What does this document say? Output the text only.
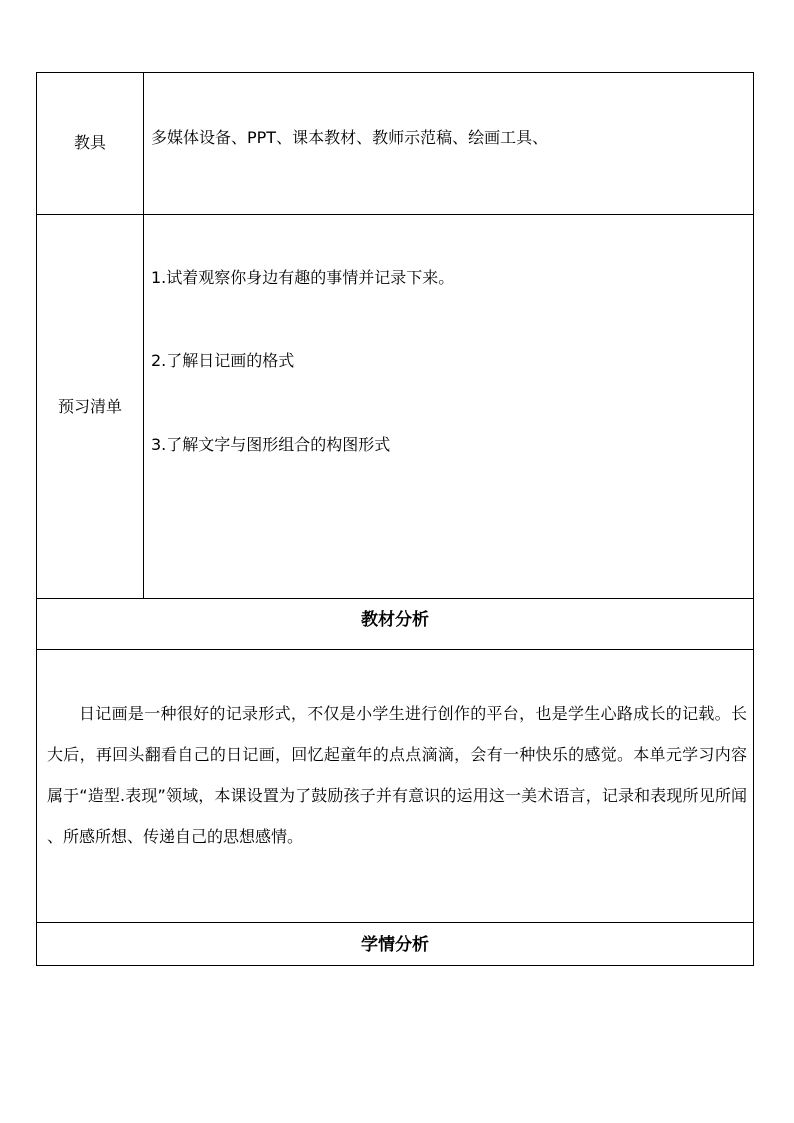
教具	多媒体设备、PPT、课本教材、教师示范稿、绘画工具、
预习清单
1.试着观察你身边有趣的事情并记录下来。
2.了解日记画的格式
3.了解文字与图形组合的构图形式
教材分析

日记画是一种很好的记录形式，不仅是小学生进行创作的平台，也是学生心路成长的记载。长大后，再回头翻看自己的日记画，回忆起童年的点点滴滴，会有一种快乐的感觉。本单元学习内容属于“造型.表现”领域，本课设置为了鼓励孩子并有意识的运用这一美术语言，记录和表现所见所闻 、所感所想、传递自己的思想感情。

学情分析
